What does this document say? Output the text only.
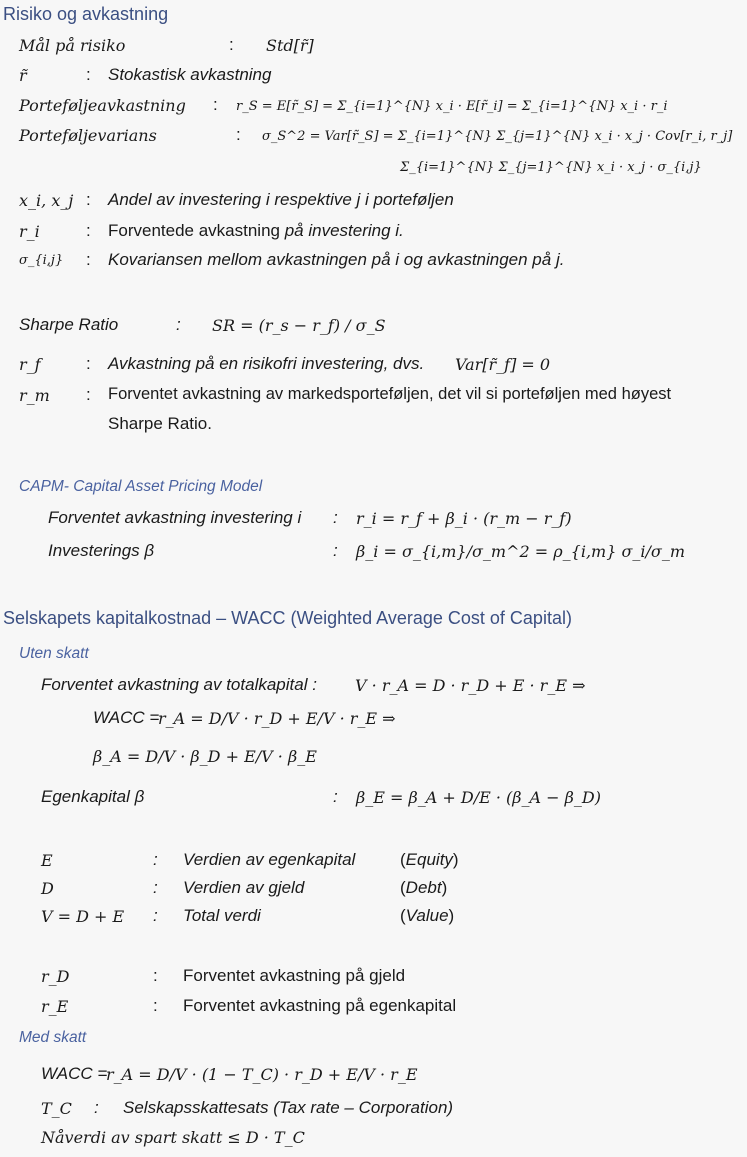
Risiko og avkastning
Mål på risiko	: Std[r̃]
r̃	: Stokastisk avkastning
Porteføljeavkastning : r_S = E[r̃_S] = Σ_{i=1}^{N} x_i · E[r̃_i] = Σ_{i=1}^{N} x_i · r_i
Porteføljevarians	: σ_S^2 = Var[r̃_S] = Σ_{i=1}^{N} Σ_{j=1}^{N} x_i · x_j · Cov[r_i, r_j]
Σ_{i=1}^{N} Σ_{j=1}^{N} x_i · x_j · σ_{i,j}
x_i, x_j : Andel av investering i respektive j i porteføljen
r_i	: Forventede avkastning på investering i.
σ_{i,j} : Kovariansen mellom avkastningen på i og avkastningen på j.
Sharpe Ratio	: SR = (r_s − r_f) / σ_S
r_f	: Avkastning på en risikofri investering, dvs. Var[r̃_f] = 0
r_m : Forventet avkastning av markedsporteføljen, det vil si porteføljen med høyest
Sharpe Ratio.
CAPM- Capital Asset Pricing Model
Forventet avkastning investering i : r_i = r_f + β_i · (r_m − r_f)
Investerings β	: β_i = σ_{i,m}/σ_m^2 = ρ_{i,m} σ_i/σ_m
Selskapets kapitalkostnad – WACC (Weighted Average Cost of Capital)
Uten skatt
Forventet avkastning av totalkapital : V · r_A = D · r_D + E · r_E ⇒
WACC =
r_A = D/V · r_D + E/V · r_E ⇒
β_A = D/V · β_D + E/V · β_E
Egenkapital β	: β_E = β_A + D/E · (β_A − β_D)
E	: Verdien av egenkapital	(Equity)
D	: Verdien av gjeld	(Debt)
V = D + E : Total verdi	(Value)
r_D	: Forventet avkastning på gjeld
r_E	: Forventet avkastning på egenkapital
Med skatt
WACC =
r_A = D/V · (1 − T_C) · r_D + E/V · r_E
T_C : Selskapsskattesats (Tax rate – Corporation)
Nåverdi av spart skatt ≤ D · T_C
